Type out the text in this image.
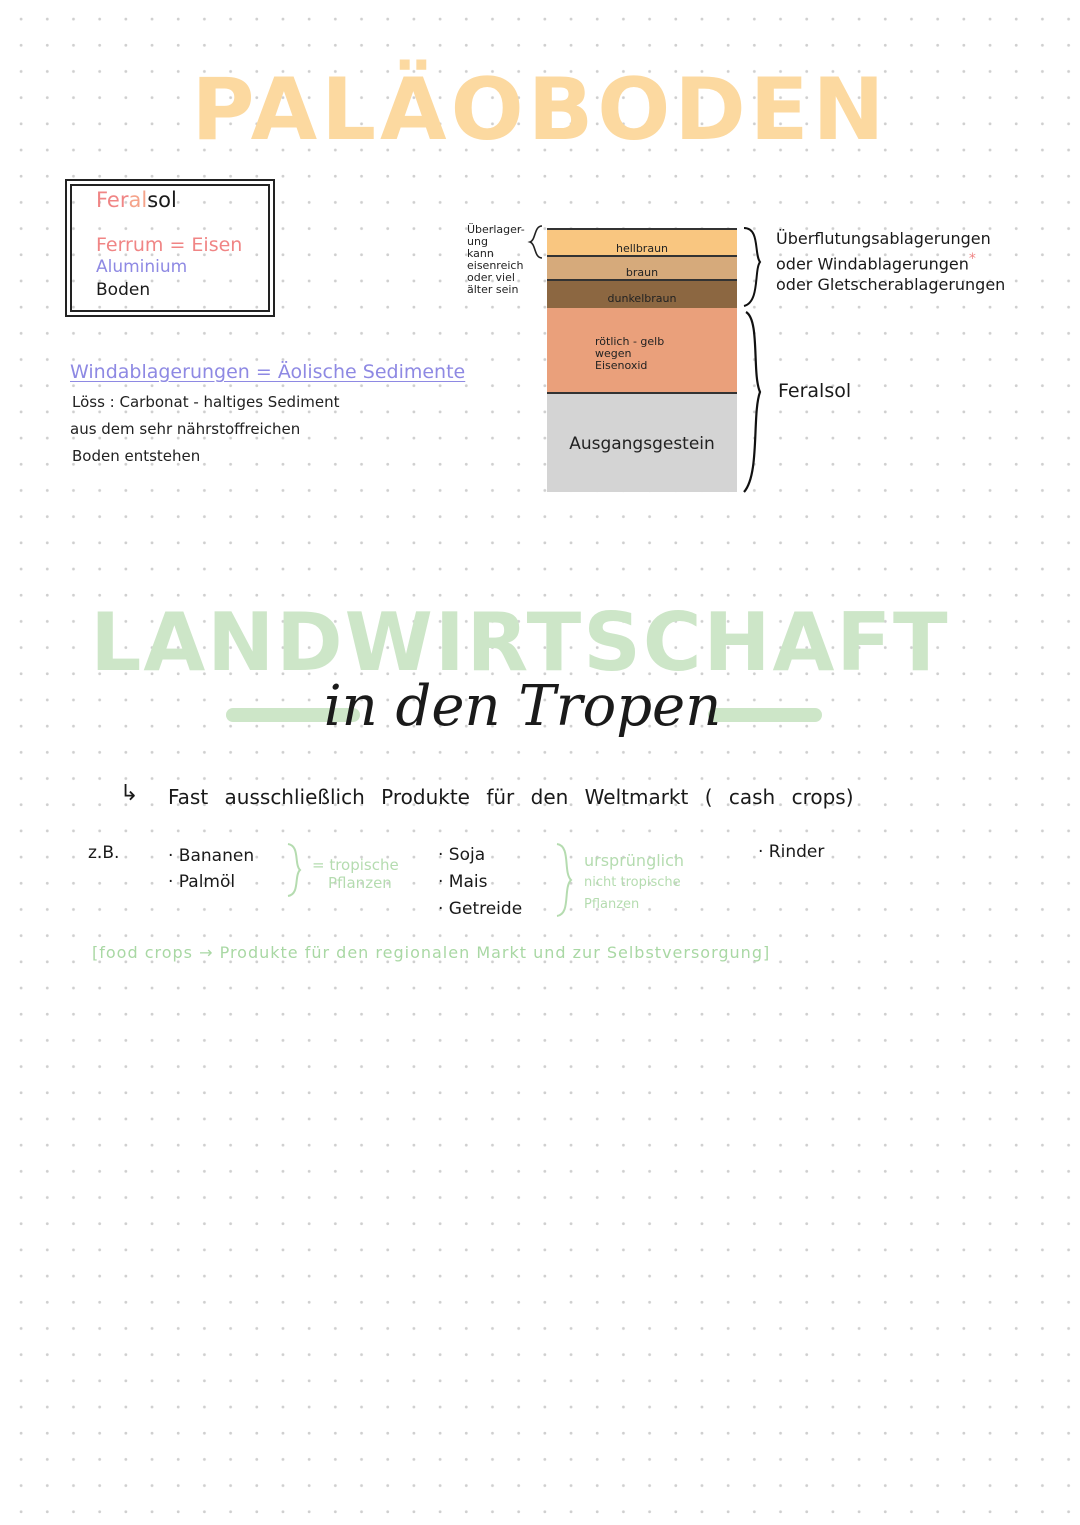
PALÄOBODEN
Feralsol
Ferrum = Eisen
Aluminium
Boden
Windablagerungen = Äolische Sedimente
Löss : Carbonat - haltiges Sediment
aus dem sehr nährstoffreichen
Boden entstehen
Überlager-
ung
kann
eisenreich
oder viel
älter sein
hellbraun
braun
dunkelbraun
rötlich - gelb
wegen
Eisenoxid
Ausgangsgestein
Überflutungsablagerungen
oder Windablagerungen*
oder Gletscherablagerungen
Feralsol
LANDWIRTSCHAFT
in den Tropen
↳ Fast ausschließlich Produkte für den Weltmarkt ( cash crops)
z.B.	· Bananen
· Palmöl
= tropische
Pflanzen
· Soja
· Mais
· Getreide
ursprünglich
nicht tropische
Pflanzen
· Rinder
[food crops → Produkte für den regionalen Markt und zur Selbstversorgung]
